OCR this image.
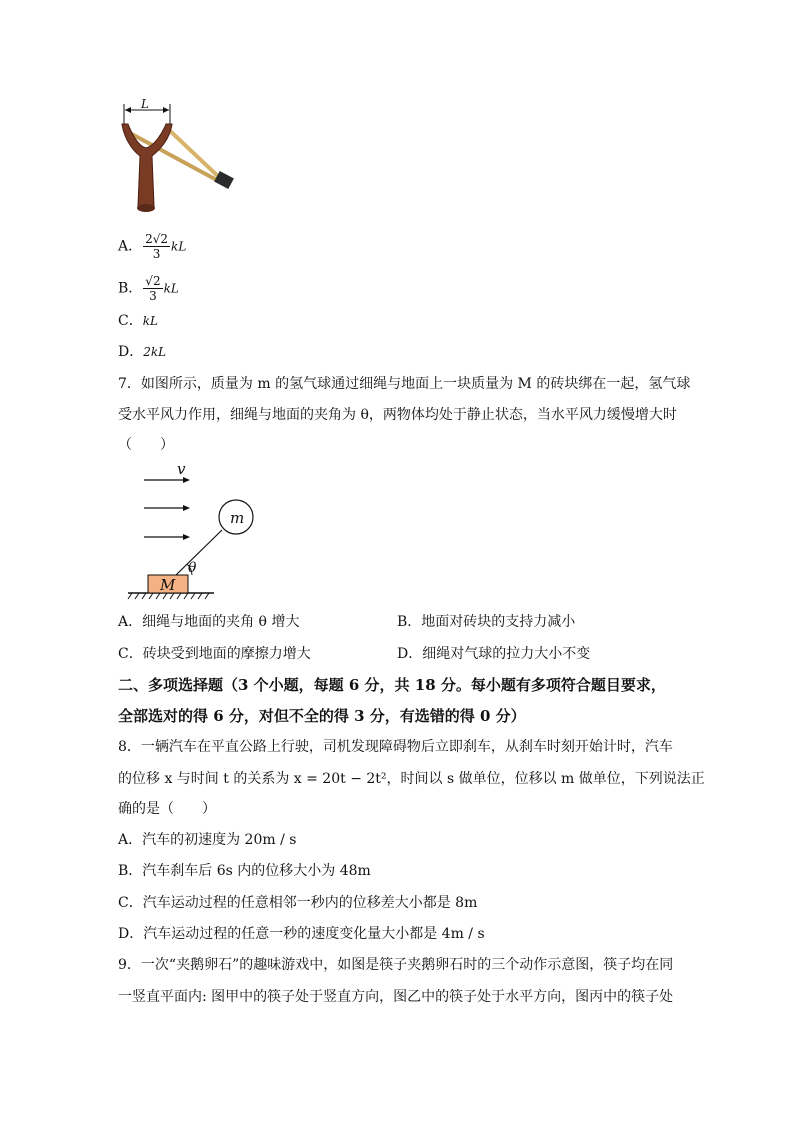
L
A． $\frac{2√2}{3}$ kL
B． $\frac{√2}{3}$ kL
C．kL
D．2kL
7．如图所示，质量为 m 的氢气球通过细绳与地面上一块质量为 M 的砖块绑在一起，氢气球
受水平风力作用，细绳与地面的夹角为 θ，两物体均处于静止状态，当水平风力缓慢增大时
（　　）
v
m
M
θ
A．细绳与地面的夹角 θ 增大	B．地面对砖块的支持力减小
C．砖块受到地面的摩擦力增大	D．细绳对气球的拉力大小不变
二、多项选择题（3 个小题，每题 6 分，共 18 分。每小题有多项符合题目要求，
全部选对的得 6 分，对但不全的得 3 分，有选错的得 0 分）
8．一辆汽车在平直公路上行驶，司机发现障碍物后立即刹车，从刹车时刻开始计时，汽车
的位移 x 与时间 t 的关系为 x = 20t − 2t²，时间以 s 做单位，位移以 m 做单位，下列说法正
确的是（　　）
A．汽车的初速度为 20m / s
B．汽车刹车后 6s 内的位移大小为 48m
C．汽车运动过程的任意相邻一秒内的位移差大小都是 8m
D．汽车运动过程的任意一秒的速度变化量大小都是 4m / s
9．一次“夹鹅卵石”的趣味游戏中，如图是筷子夹鹅卵石时的三个动作示意图，筷子均在同
一竖直平面内: 图甲中的筷子处于竖直方向，图乙中的筷子处于水平方向，图丙中的筷子处
